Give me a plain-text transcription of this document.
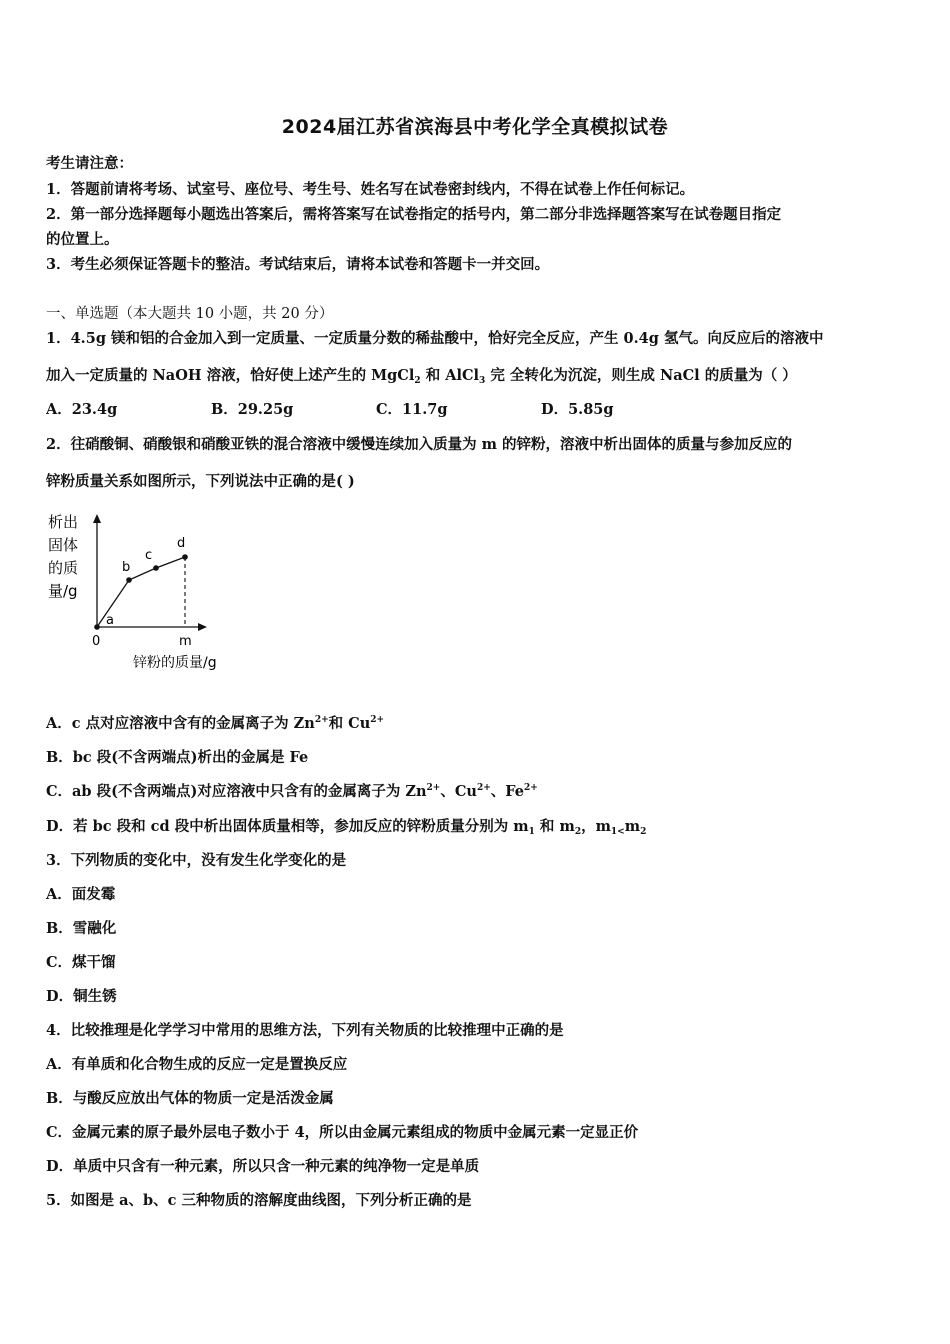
2024届江苏省滨海县中考化学全真模拟试卷
考生请注意：
1．答题前请将考场、试室号、座位号、考生号、姓名写在试卷密封线内，不得在试卷上作任何标记。
2．第一部分选择题每小题选出答案后，需将答案写在试卷指定的括号内，第二部分非选择题答案写在试卷题目指定
的位置上。
3．考生必须保证答题卡的整洁。考试结束后，请将本试卷和答题卡一并交回。
一、单选题（本大题共 10 小题，共 20 分）
1．4.5g 镁和铝的合金加入到一定质量、一定质量分数的稀盐酸中，恰好完全反应，产生 0.4g 氢气。向反应后的溶液中
加入一定质量的 NaOH 溶液，恰好使上述产生的 MgCl$_2$ 和 AlCl$_3$ 完 全转化为沉淀，则生成 NaCl 的质量为（ ）
A．23.4g	B．29.25g	C．11.7g	D．5.85g
2．往硝酸铜、硝酸银和硝酸亚铁的混合溶液中缓慢连续加入质量为 m 的锌粉，溶液中析出固体的质量与参加反应的
锌粉质量关系如图所示，下列说法中正确的是( )
析出
固体
的质
量/g
a
b
c
d
0	m
锌粉的质量/g
A．c 点对应溶液中含有的金属离子为 $Zn^{2+}$和 $Cu^{2+}$
B．bc 段(不含两端点)析出的金属是 Fe
C．ab 段(不含两端点)对应溶液中只含有的金属离子为 $Zn^{2+}$、$Cu^{2+}$、$Fe^{2+}$
D．若 bc 段和 cd 段中析出固体质量相等，参加反应的锌粉质量分别为 $m_1$ 和 $m_2$，$m_{1<}m_2$
3．下列物质的变化中，没有发生化学变化的是
A．面发霉
B．雪融化
C．煤干馏
D．铜生锈
4．比较推理是化学学习中常用的思维方法，下列有关物质的比较推理中正确的是
A．有单质和化合物生成的反应一定是置换反应
B．与酸反应放出气体的物质一定是活泼金属
C．金属元素的原子最外层电子数小于 4，所以由金属元素组成的物质中金属元素一定显正价
D．单质中只含有一种元素，所以只含一种元素的纯净物一定是单质
5．如图是 a、b、c 三种物质的溶解度曲线图，下列分析正确的是
